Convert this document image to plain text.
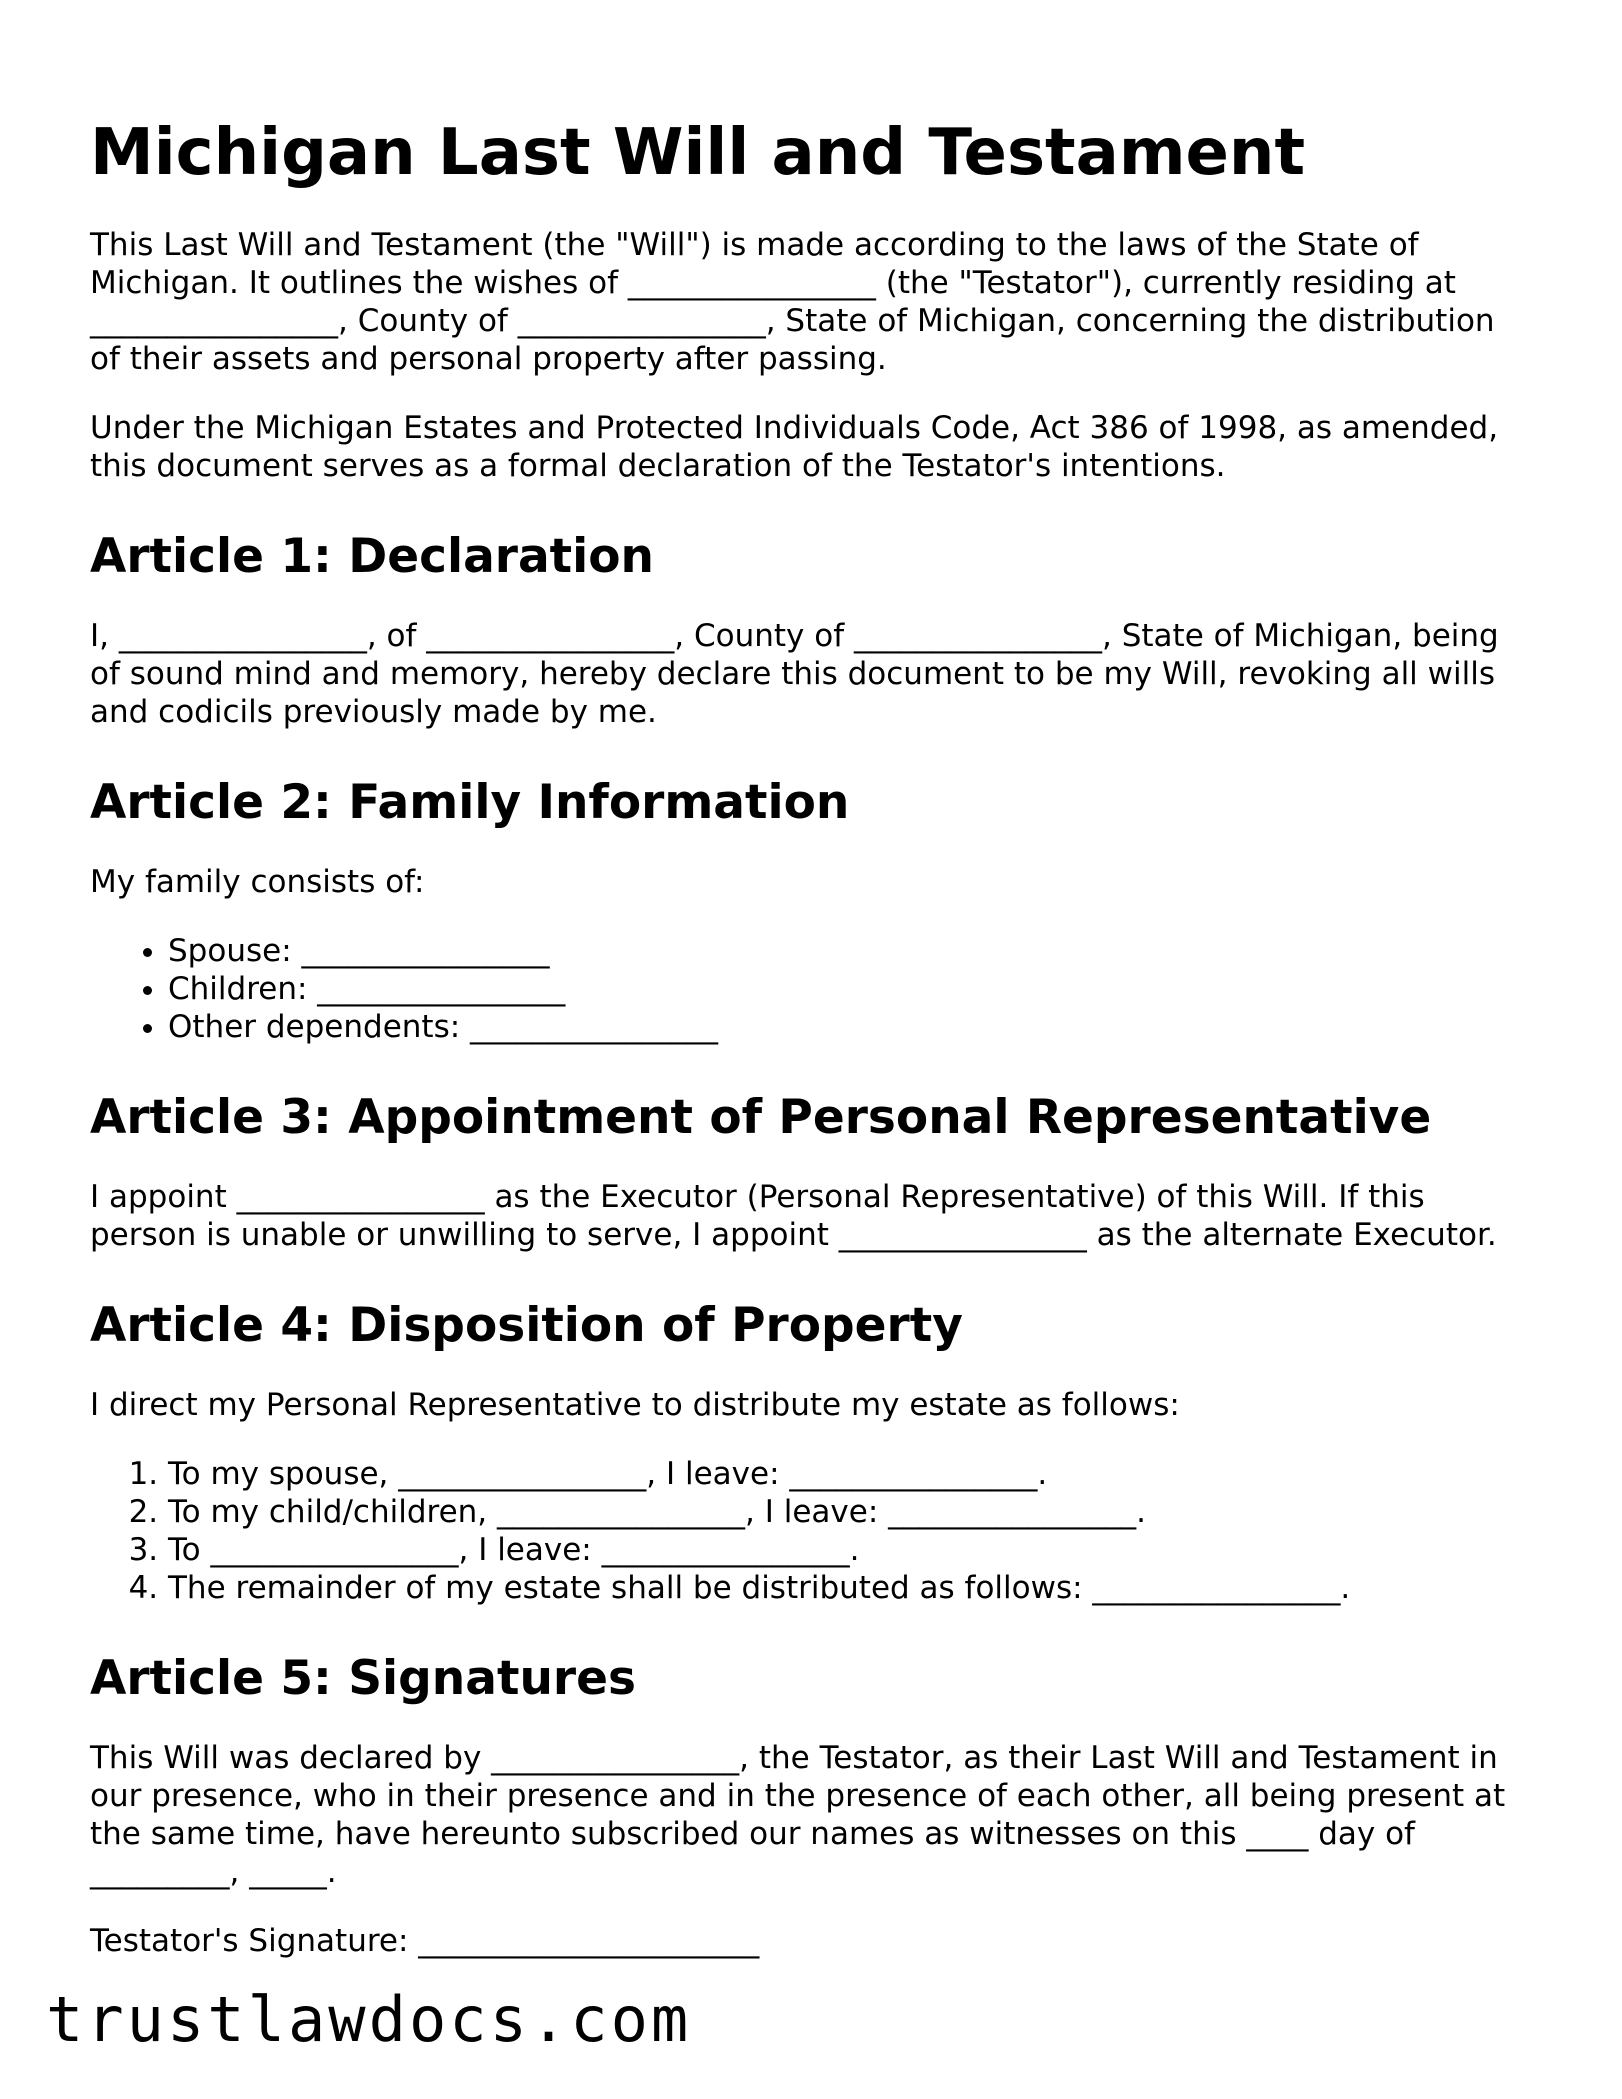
Michigan Last Will and Testament

This Last Will and Testament (the "Will") is made according to the laws of the State of Michigan. It outlines the wishes of ________________ (the "Testator"), currently residing at ________________, County of ________________, State of Michigan, concerning the distribution of their assets and personal property after passing.

Under the Michigan Estates and Protected Individuals Code, Act 386 of 1998, as amended, this document serves as a formal declaration of the Testator's intentions.

Article 1: Declaration

I, ________________, of ________________, County of ________________, State of Michigan, being of sound mind and memory, hereby declare this document to be my Will, revoking all wills and codicils previously made by me.

Article 2: Family Information

My family consists of:

• Spouse: ________________
• Children: ________________
• Other dependents: ________________
Article 3: Appointment of Personal Representative

I appoint ________________ as the Executor (Personal Representative) of this Will. If this person is unable or unwilling to serve, I appoint ________________ as the alternate Executor.

Article 4: Disposition of Property

I direct my Personal Representative to distribute my estate as follows:

1. To my spouse, ________________, I leave: ________________.
2. To my child/children, ________________, I leave: ________________.
3. To ________________, I leave: ________________.
4. The remainder of my estate shall be distributed as follows: ________________.
Article 5: Signatures

This Will was declared by ________________, the Testator, as their Last Will and Testament in our presence, who in their presence and in the presence of each other, all being present at the same time, have hereunto subscribed our names as witnesses on this ____ day of _________, _____.

Testator's Signature: ______________________
trustlawdocs.com
